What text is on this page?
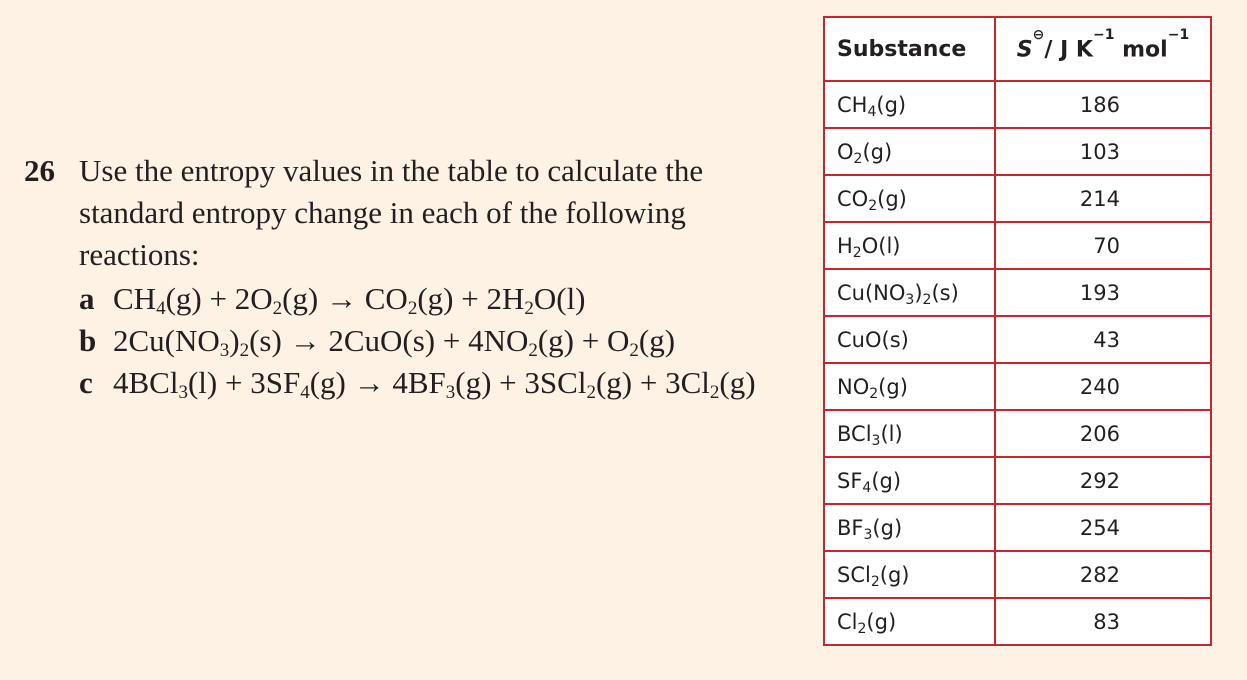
26 Use the entropy values in the table to calculate the standard entropy change in each of the following reactions:
a $CH_4(g) + 2O_2(g) \to CO_2(g) + 2H_2O(l)$
b $2Cu(NO_3)_2(s) \to 2CuO(s) + 4NO_2(g) + O_2(g)$
c $4BCl_3(l) + 3SF_4(g) \to 4BF_3(g) + 3SCl_2(g) + 3Cl_2(g)$
Substance	S⊖/ J $K^{-1}$ mol$^{-1}$
$CH_4(g)$	186
$O_2(g)$	103
$CO_2(g)$	214
$H_2O(l)$	70
$Cu(NO_3)_2(s)$	193
CuO(s)	43
$NO_2(g)$	240
BCl$_3$(l)	206
$SF_4(g)$	292
$BF_3(g)$	254
SCl$_2$(g)	282
$Cl_2(g)$	83
